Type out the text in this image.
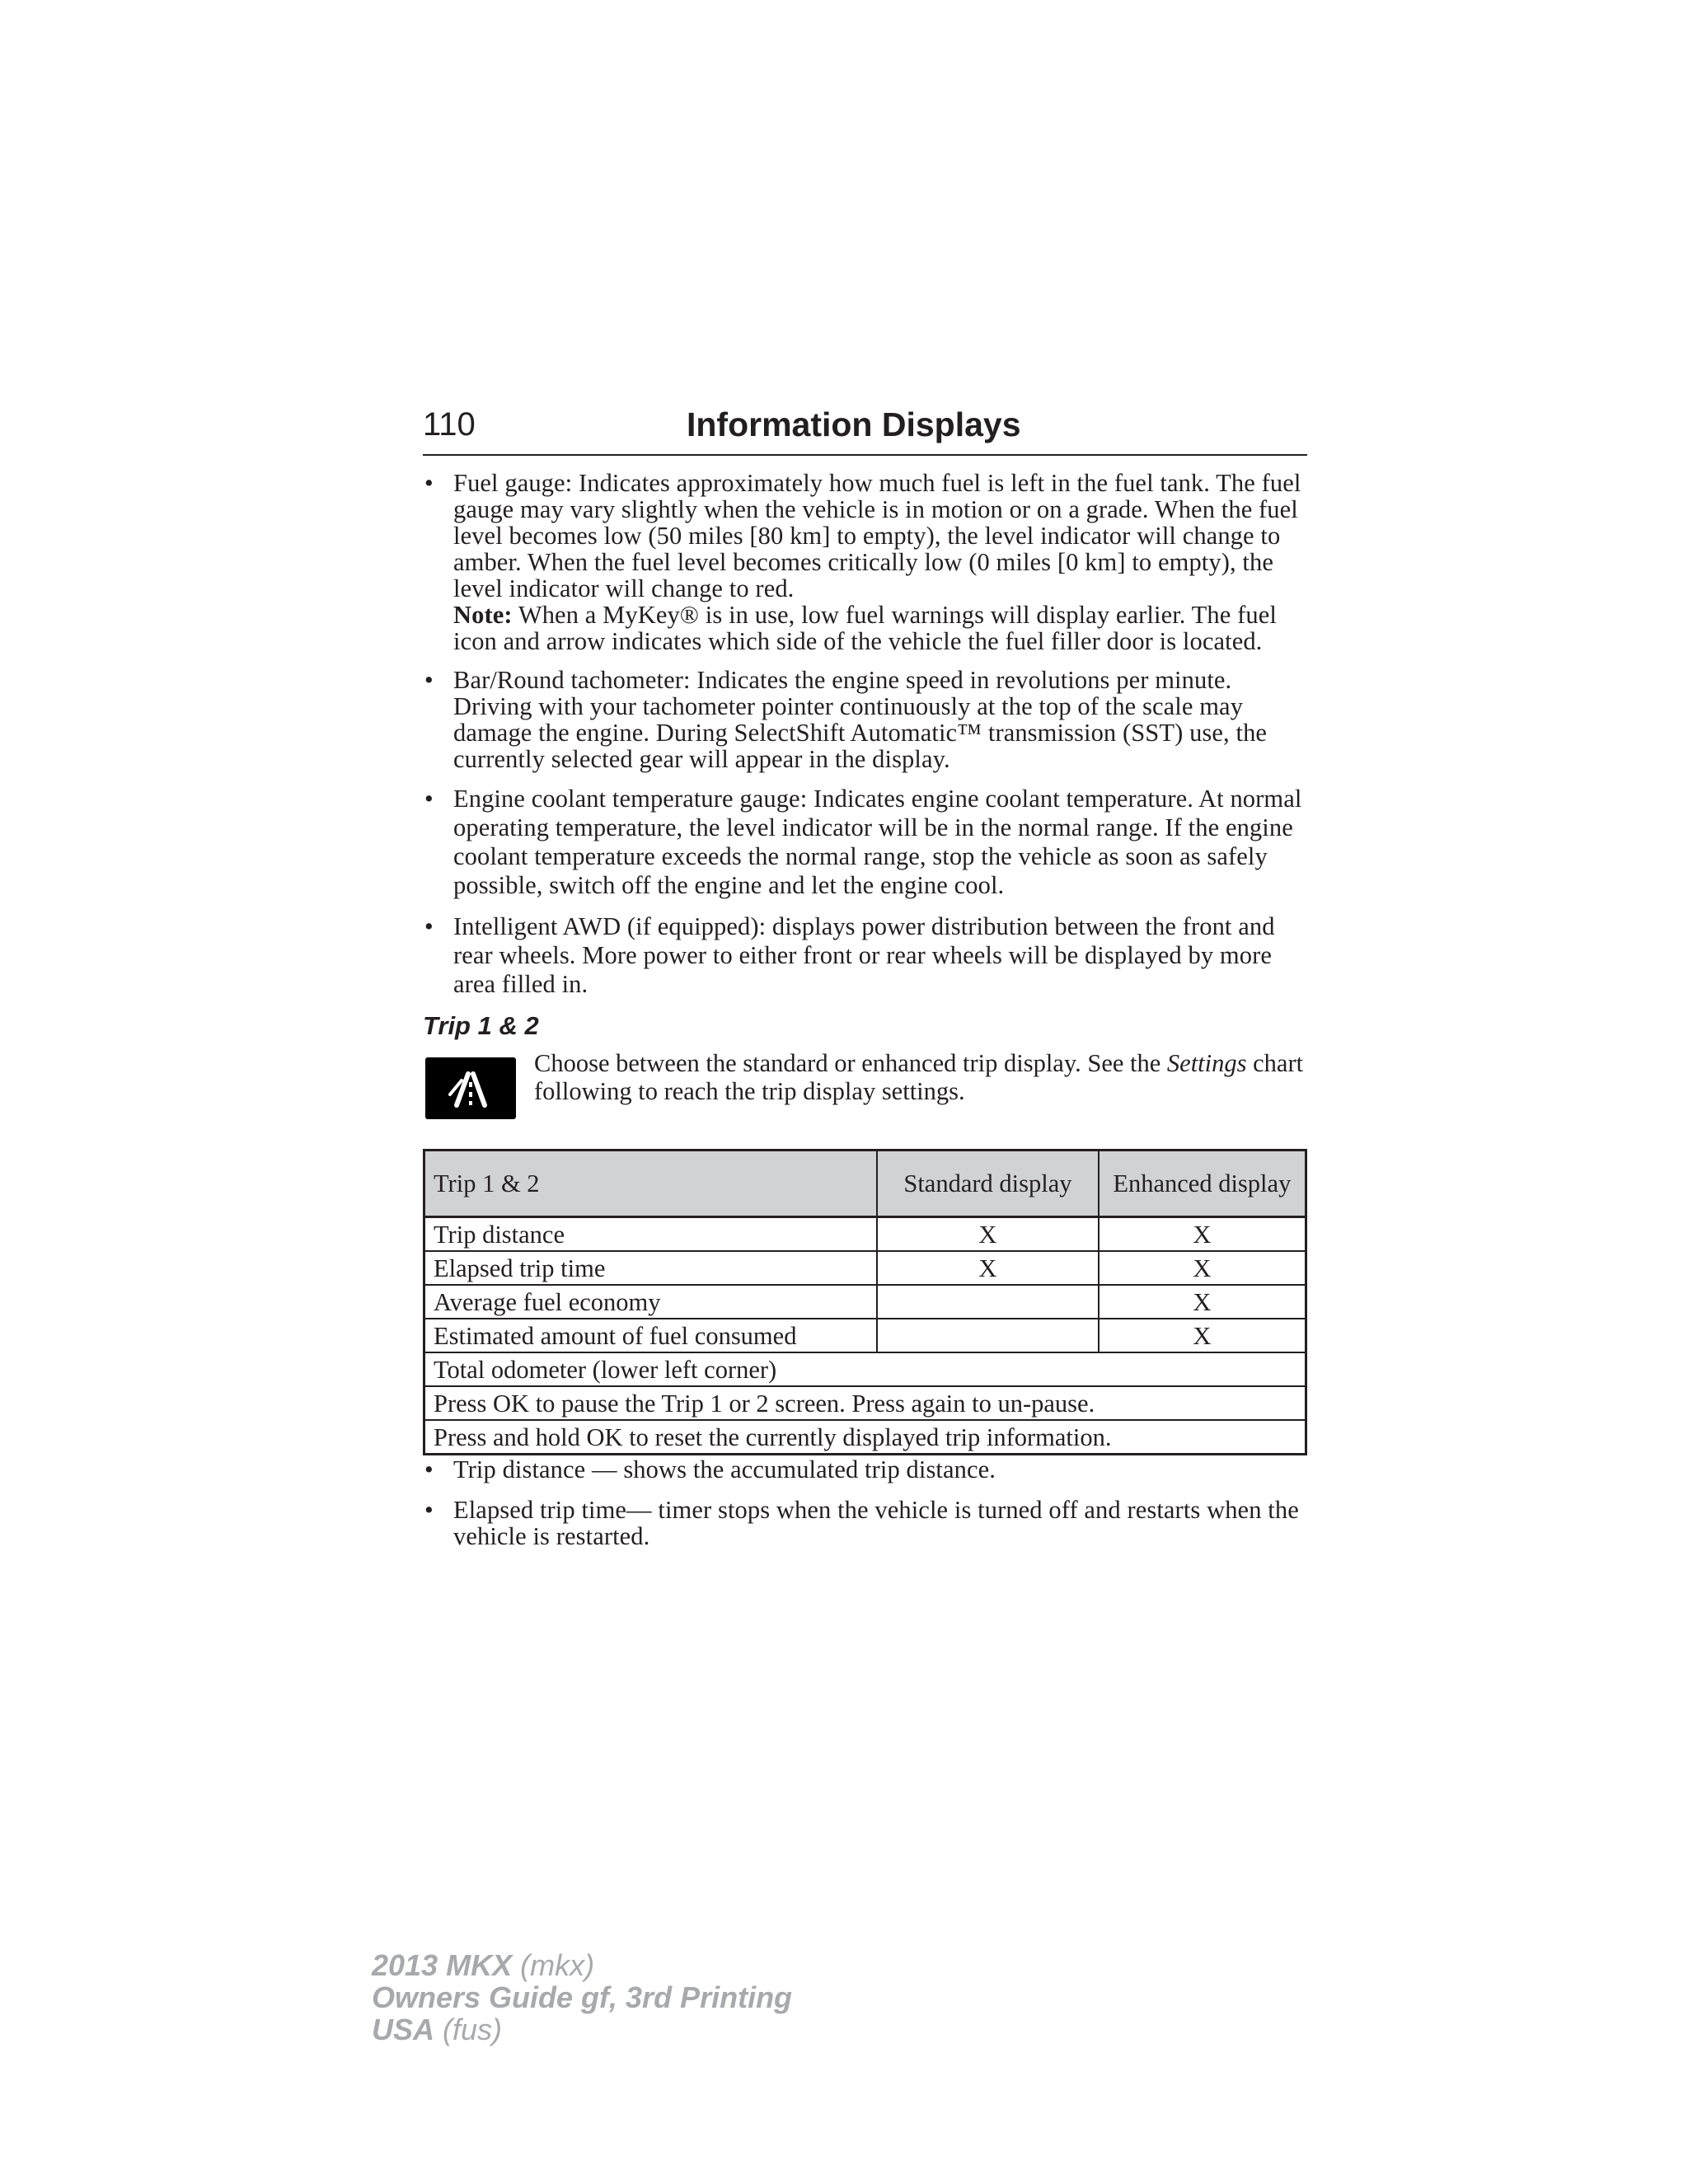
110	Information Displays
• Fuel gauge: Indicates approximately how much fuel is left in the fuel tank. The fuel gauge may vary slightly when the vehicle is in motion or on a grade. When the fuel level becomes low (50 miles [80 km] to empty), the level indicator will change to amber. When the fuel level becomes critically low (0 miles [0 km] to empty), the level indicator will change to red.
Note: When a MyKey® is in use, low fuel warnings will display earlier. The fuel icon and arrow indicates which side of the vehicle the fuel filler door is located.
• Bar/Round tachometer: Indicates the engine speed in revolutions per minute. Driving with your tachometer pointer continuously at the top of the scale may damage the engine. During SelectShift Automatic™ transmission (SST) use, the currently selected gear will appear in the display.
• Engine coolant temperature gauge: Indicates engine coolant temperature. At normal operating temperature, the level indicator will be in the normal range. If the engine coolant temperature exceeds the normal range, stop the vehicle as soon as safely possible, switch off the engine and let the engine cool.
• Intelligent AWD (if equipped): displays power distribution between the front and rear wheels. More power to either front or rear wheels will be displayed by more area filled in.
Trip 1 & 2
Choose between the standard or enhanced trip display. See the Settings chart following to reach the trip display settings.
Trip 1 & 2	Standard display	Enhanced display
Trip distance	X	X
Elapsed trip time	X	X
Average fuel economy		X
Estimated amount of fuel consumed		X
Total odometer (lower left corner)		
Press OK to pause the Trip 1 or 2 screen. Press again to un-pause.		
Press and hold OK to reset the currently displayed trip information.		
• Trip distance — shows the accumulated trip distance.
• Elapsed trip time— timer stops when the vehicle is turned off and restarts when the vehicle is restarted.
2013 MKX (mkx)
Owners Guide gf, 3rd Printing
USA (fus)
